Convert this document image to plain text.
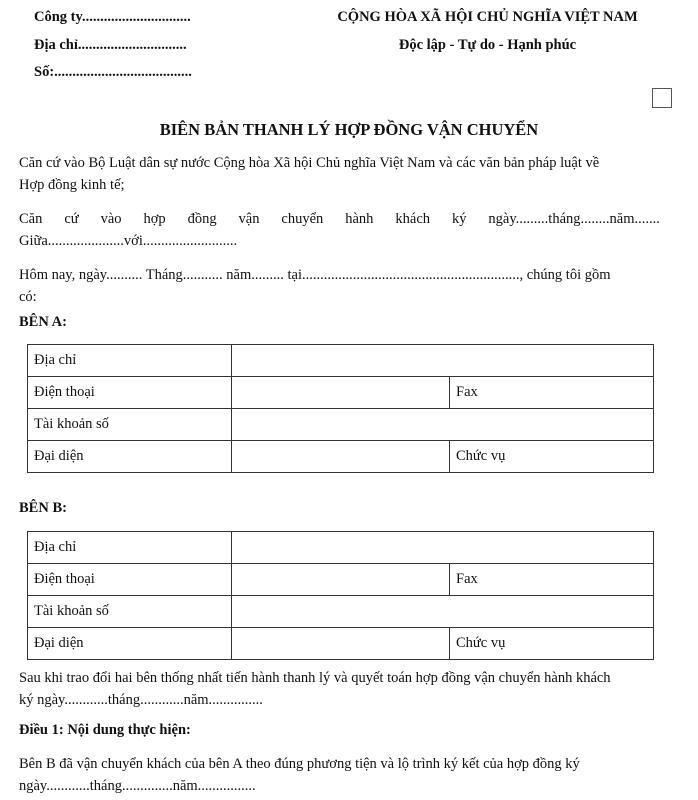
Công ty..............................
Địa chỉ..............................
Số:......................................
CỘNG HÒA XÃ HỘI CHỦ NGHĨA VIỆT NAM
Độc lập - Tự do - Hạnh phúc
BIÊN BẢN THANH LÝ HỢP ĐỒNG VẬN CHUYỂN
Căn cứ vào Bộ Luật dân sự nước Cộng hòa Xã hội Chủ nghĩa Việt Nam và các văn bản pháp luật về
Hợp đồng kinh tế;
Căn cứ vào hợp đồng vận chuyển hành khách ký ngày.........tháng........năm.......
Giữa.....................với..........................
Hôm nay, ngày.......... Tháng........... năm......... tại............................................................, chúng tôi gồm
có:
BÊN A:
Địa chỉ		
Điện thoại		Fax
Tài khoản số		
Đại diện		Chức vụ
BÊN B:
Địa chỉ		
Điện thoại		Fax
Tài khoản số		
Đại diện		Chức vụ
Sau khi trao đổi hai bên thống nhất tiến hành thanh lý và quyết toán hợp đồng vận chuyển hành khách
ký ngày............tháng............năm...............
Điều 1: Nội dung thực hiện:
Bên B đã vận chuyển khách của bên A theo đúng phương tiện và lộ trình ký kết của hợp đồng ký
ngày............tháng..............năm................
